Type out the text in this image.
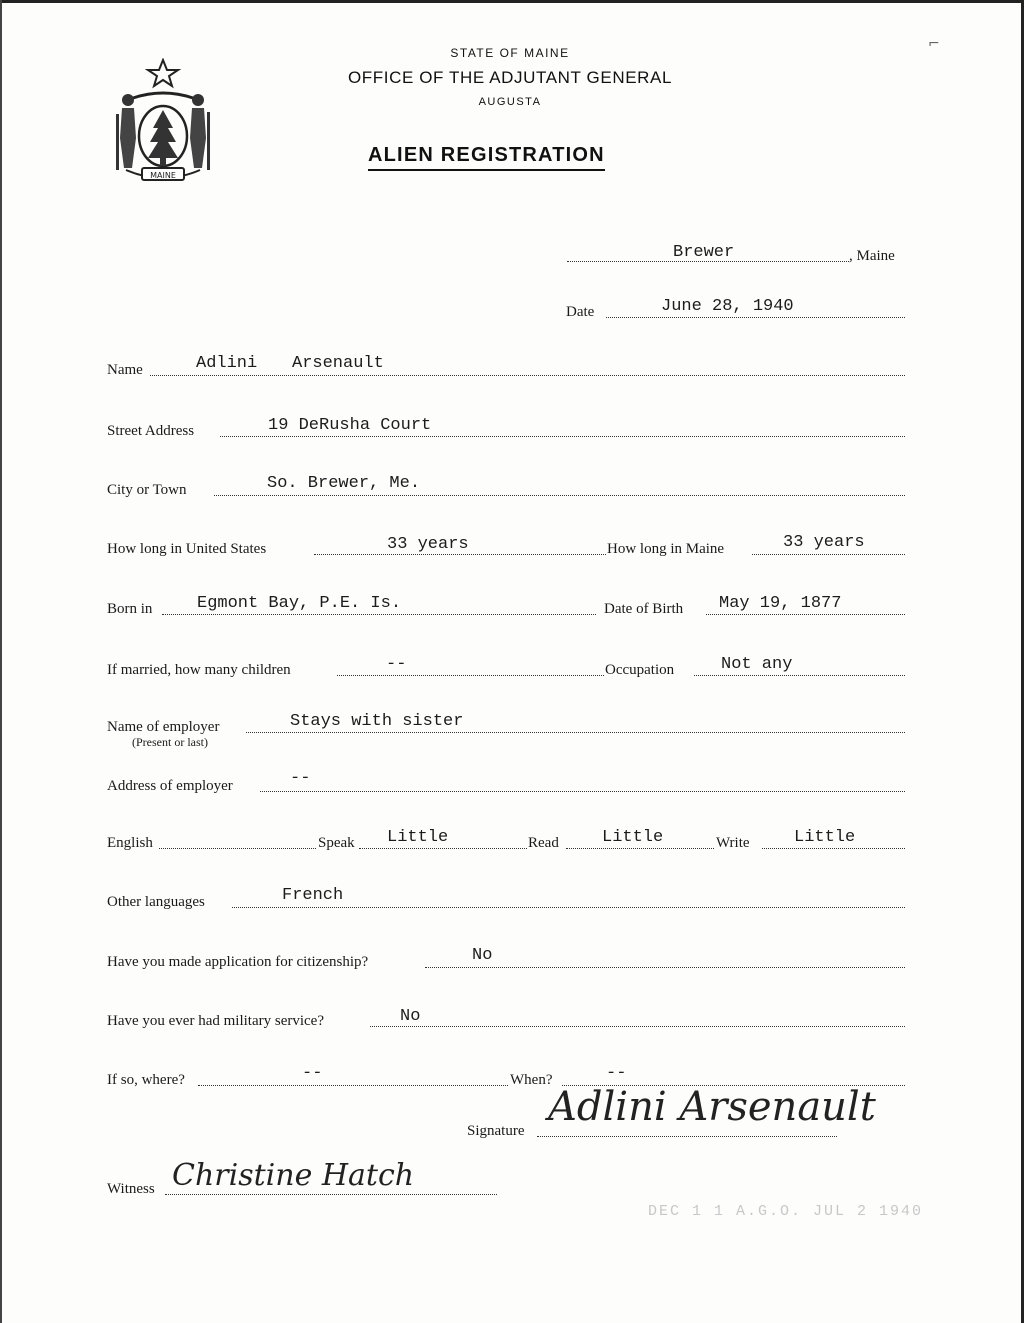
MAINE
STATE OF MAINE
OFFICE OF THE ADJUTANT GENERAL
AUGUSTA
ALIEN REGISTRATION
⌐
Brewer	, Maine
Date	June 28, 1940
Name	Adlini Arsenault
Street Address	19 DeRusha Court
City or Town	So. Brewer, Me.
How long in United States	33 years	How long in Maine	33 years
Born in	Egmont Bay, P.E. Is.	Date of Birth May 19, 1877
If married, how many children	--	Occupation	Not any
Name of employer
(Present or last)
Stays with sister
Address of employer	--
English	Speak Little	Read	Little	Write	Little
Other languages	French
Have you made application for citizenship?	No
Have you ever had military service?	No
If so, where?	--	When?	--
Signature
Adlini Arsenault
Witness Christine Hatch
DEC 1 1 A.G.O. JUL 2 1940
